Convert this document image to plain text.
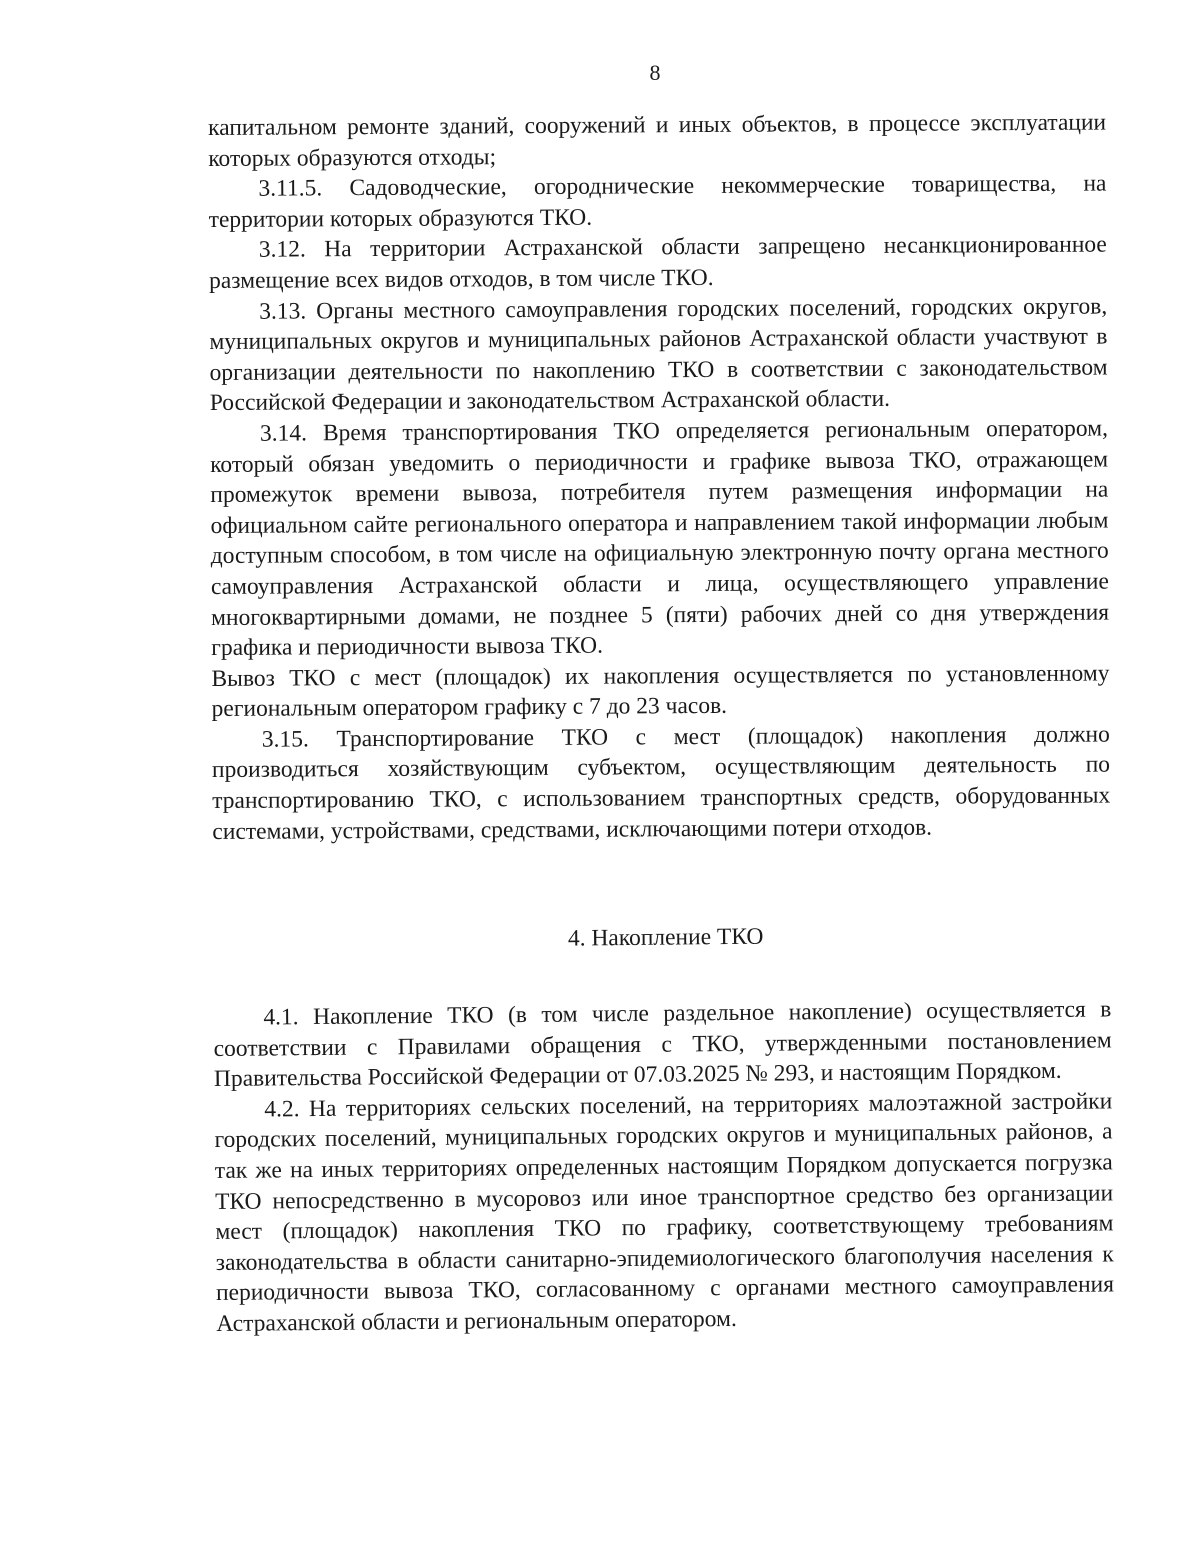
8

капитальном ремонте зданий, сооружений и иных объектов, в процессе эксплуатации которых образуются отходы;

3.11.5. Садоводческие, огороднические некоммерческие товарищества, на территории которых образуются ТКО.

3.12. На территории Астраханской области запрещено несанкционированное размещение всех видов отходов, в том числе ТКО.

3.13. Органы местного самоуправления городских поселений, городских округов, муниципальных округов и муниципальных районов Астраханской области участвуют в организации деятельности по накоплению ТКО в соответствии с законодательством Российской Федерации и законодательством Астраханской области.

3.14. Время транспортирования ТКО определяется региональным оператором, который обязан уведомить о периодичности и графике вывоза ТКО, отражающем промежуток времени вывоза, потребителя путем размещения информации на официальном сайте регионального оператора и направлением такой информации любым доступным способом, в том числе на официальную электронную почту органа местного самоуправления Астраханской области и лица, осуществляющего управление многоквартирными домами, не позднее 5 (пяти) рабочих дней со дня утверждения графика и периодичности вывоза ТКО.

Вывоз ТКО с мест (площадок) их накопления осуществляется по установленному региональным оператором графику с 7 до 23 часов.

3.15. Транспортирование ТКО с мест (площадок) накопления должно производиться хозяйствующим субъектом, осуществляющим деятельность по транспортированию ТКО, с использованием транспортных средств, оборудованных системами, устройствами, средствами, исключающими потери отходов.

4. Накопление ТКО

4.1. Накопление ТКО (в том числе раздельное накопление) осуществляется в соответствии с Правилами обращения с ТКО, утвержденными постановлением Правительства Российской Федерации от 07.03.2025 № 293, и настоящим Порядком.

4.2. На территориях сельских поселений, на территориях малоэтажной застройки городских поселений, муниципальных городских округов и муниципальных районов, а так же на иных территориях определенных настоящим Порядком допускается погрузка ТКО непосредственно в мусоровоз или иное транспортное средство без организации мест (площадок) накопления ТКО по графику, соответствующему требованиям законодательства в области санитарно-эпидемиологического благополучия населения к периодичности вывоза ТКО, согласованному с органами местного самоуправления Астраханской области и региональным оператором.
